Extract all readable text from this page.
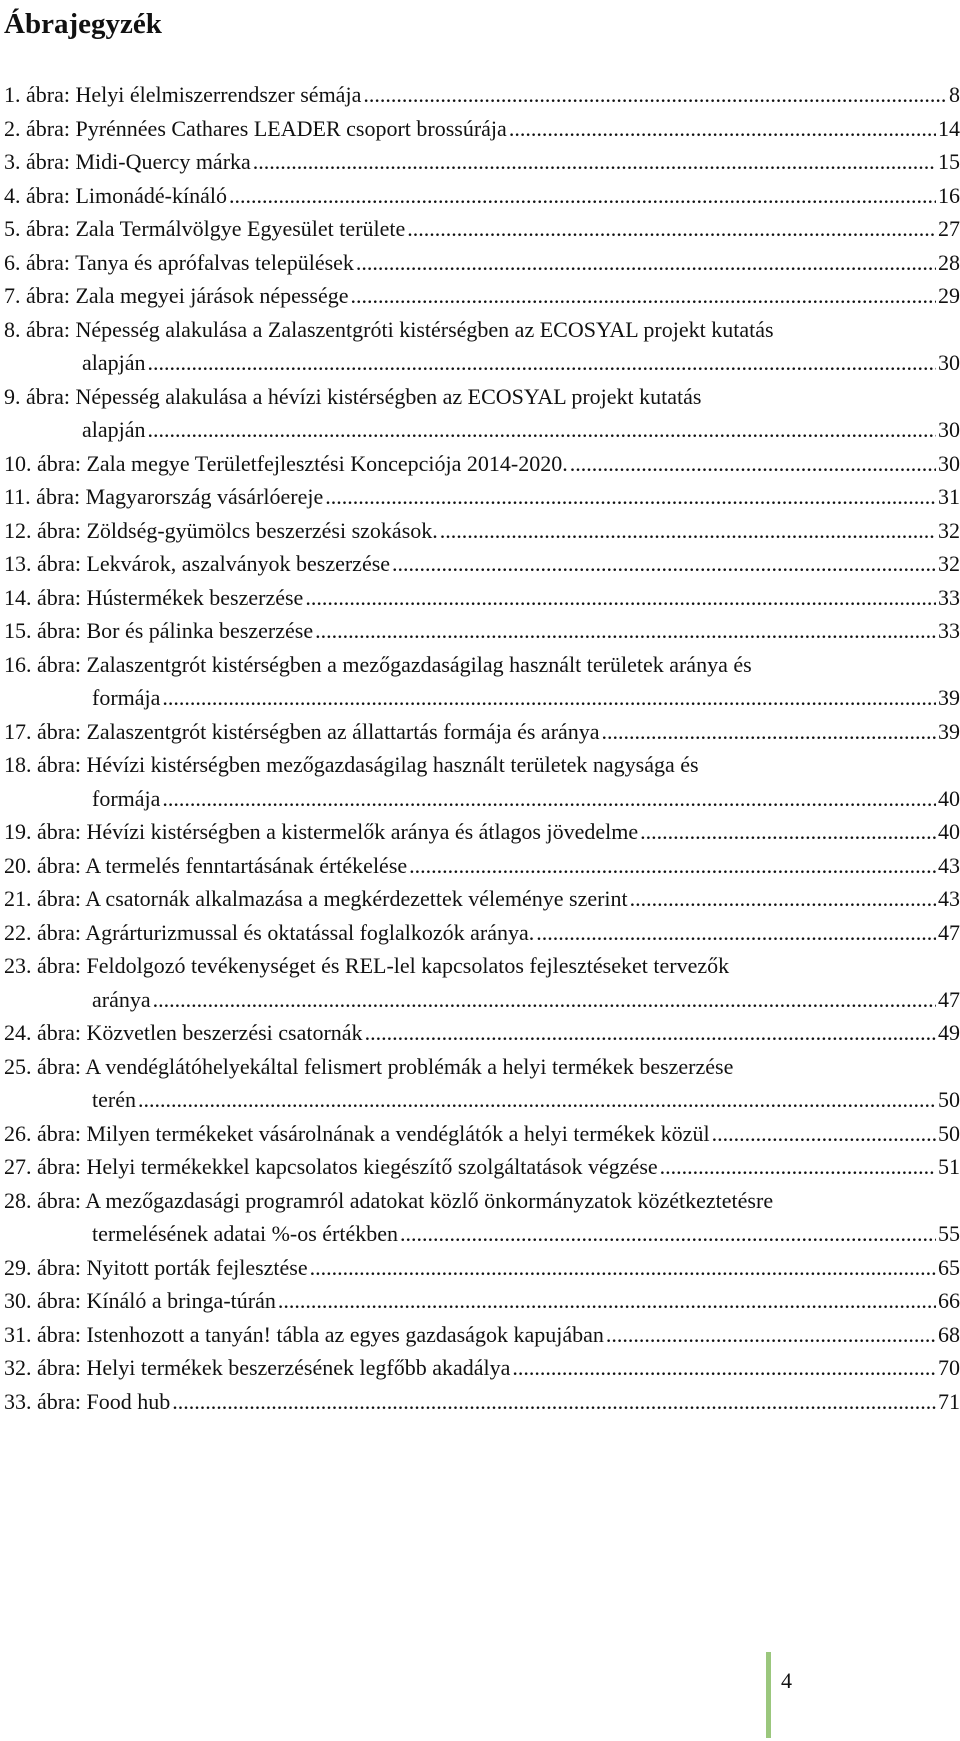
Ábrajegyzék
1. ábra: Helyi élelmiszerrendszer sémája .....	8
2. ábra: Pyrénnées Cathares LEADER csoport brossúrája .....	14
3. ábra: Midi-Quercy márka .....	15
4. ábra: Limonádé-kínáló .....	16
5. ábra: Zala Termálvölgye Egyesület területe .....	27
6. ábra: Tanya és aprófalvas települések .....	28
7. ábra: Zala megyei járások népessége .....	29
8. ábra: Népesség alakulása a Zalaszentgróti kistérségben az ECOSYAL projekt kutatás
alapján .....	30
9. ábra: Népesség alakulása a hévízi kistérségben az ECOSYAL projekt kutatás
alapján .....	30
10. ábra: Zala megye Területfejlesztési Koncepciója 2014-2020. .....	30
11. ábra: Magyarország vásárlóereje .....	31
12. ábra: Zöldség-gyümölcs beszerzési szokások. .....	32
13. ábra: Lekvárok, aszalványok beszerzése .....	32
14. ábra: Hústermékek beszerzése .....	33
15. ábra: Bor és pálinka beszerzése .....	33
16. ábra: Zalaszentgrót kistérségben a mezőgazdaságilag használt területek aránya és
formája .....	39
17. ábra: Zalaszentgrót kistérségben az állattartás formája és aránya .....	39
18. ábra: Hévízi kistérségben mezőgazdaságilag használt területek nagysága és
formája .....	40
19. ábra: Hévízi kistérségben a kistermelők aránya és átlagos jövedelme .....	40
20. ábra: A termelés fenntartásának értékelése .....	43
21. ábra: A csatornák alkalmazása a megkérdezettek véleménye szerint .....	43
22. ábra: Agrárturizmussal és oktatással foglalkozók aránya. .....	47
23. ábra: Feldolgozó tevékenységet és REL-lel kapcsolatos fejlesztéseket tervezők
aránya .....	47
24. ábra: Közvetlen beszerzési csatornák .....	49
25. ábra: A vendéglátóhelyekáltal felismert problémák a helyi termékek beszerzése
terén .....	50
26. ábra: Milyen termékeket vásárolnának a vendéglátók a helyi termékek közül .....	50
27. ábra: Helyi termékekkel kapcsolatos kiegészítő szolgáltatások végzése .....	51
28. ábra: A mezőgazdasági programról adatokat közlő önkormányzatok közétkeztetésre
termelésének adatai %-os értékben .....	55
29. ábra: Nyitott porták fejlesztése .....	65
30. ábra: Kínáló a bringa-túrán .....	66
31. ábra: Istenhozott a tanyán! tábla az egyes gazdaságok kapujában .....	68
32. ábra: Helyi termékek beszerzésének legfőbb akadálya .....	70
33. ábra: Food hub .....	71
4
